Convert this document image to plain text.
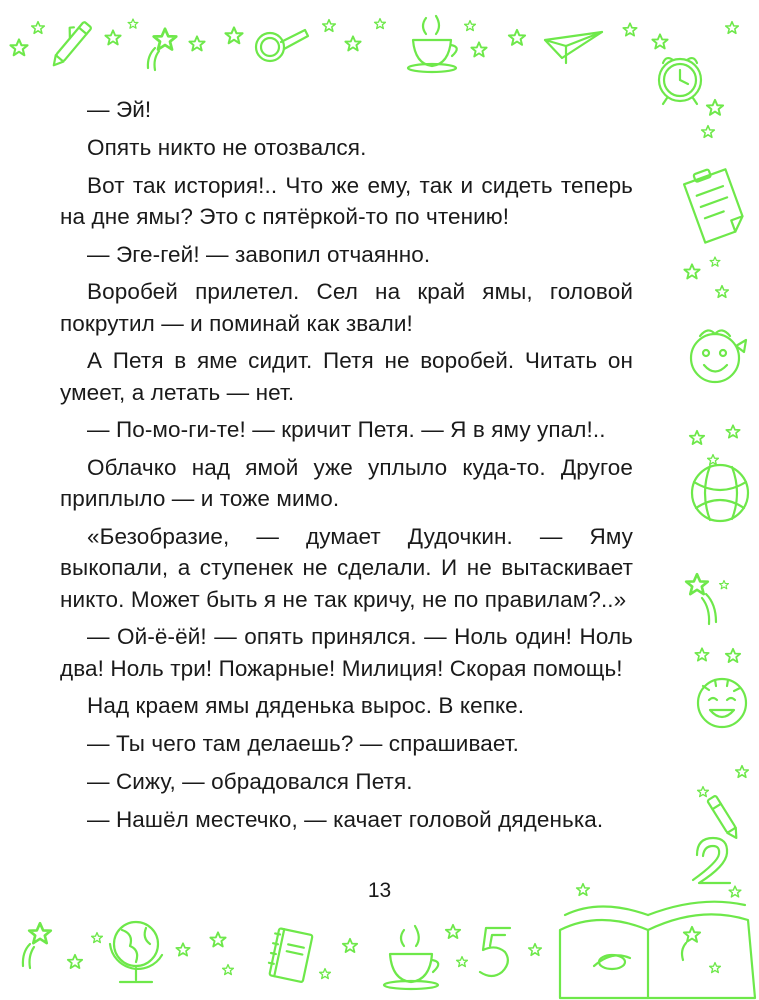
— Эй!

Опять никто не отозвался.

Вот так история!.. Что же ему, так и сидеть теперь на дне ямы? Это с пятёркой-то по чтению!

— Эге-гей! — завопил отчаянно.

Воробей прилетел. Сел на край ямы, головой покрутил — и поминай как звали!

А Петя в яме сидит. Петя не воробей. Читать он умеет, а летать — нет.

— По-мо-ги-те! — кричит Петя. — Я в яму упал!..

Облачко над ямой уже уплыло куда-то. Другое приплыло — и тоже мимо.

«Безобразие, — думает Дудочкин. — Яму выкопали, а ступенек не сделали. И не вытаскивает никто. Может быть я не так кричу, не по правилам?..»

— Ой-ё-ёй! — опять принялся. — Ноль один! Ноль два! Ноль три! Пожарные! Милиция! Скорая помощь!

Над краем ямы дяденька вырос. В кепке.

— Ты чего там делаешь? — спрашивает.

— Сижу, — обрадовался Петя.

— Нашёл местечко, — качает головой дяденька.

13
